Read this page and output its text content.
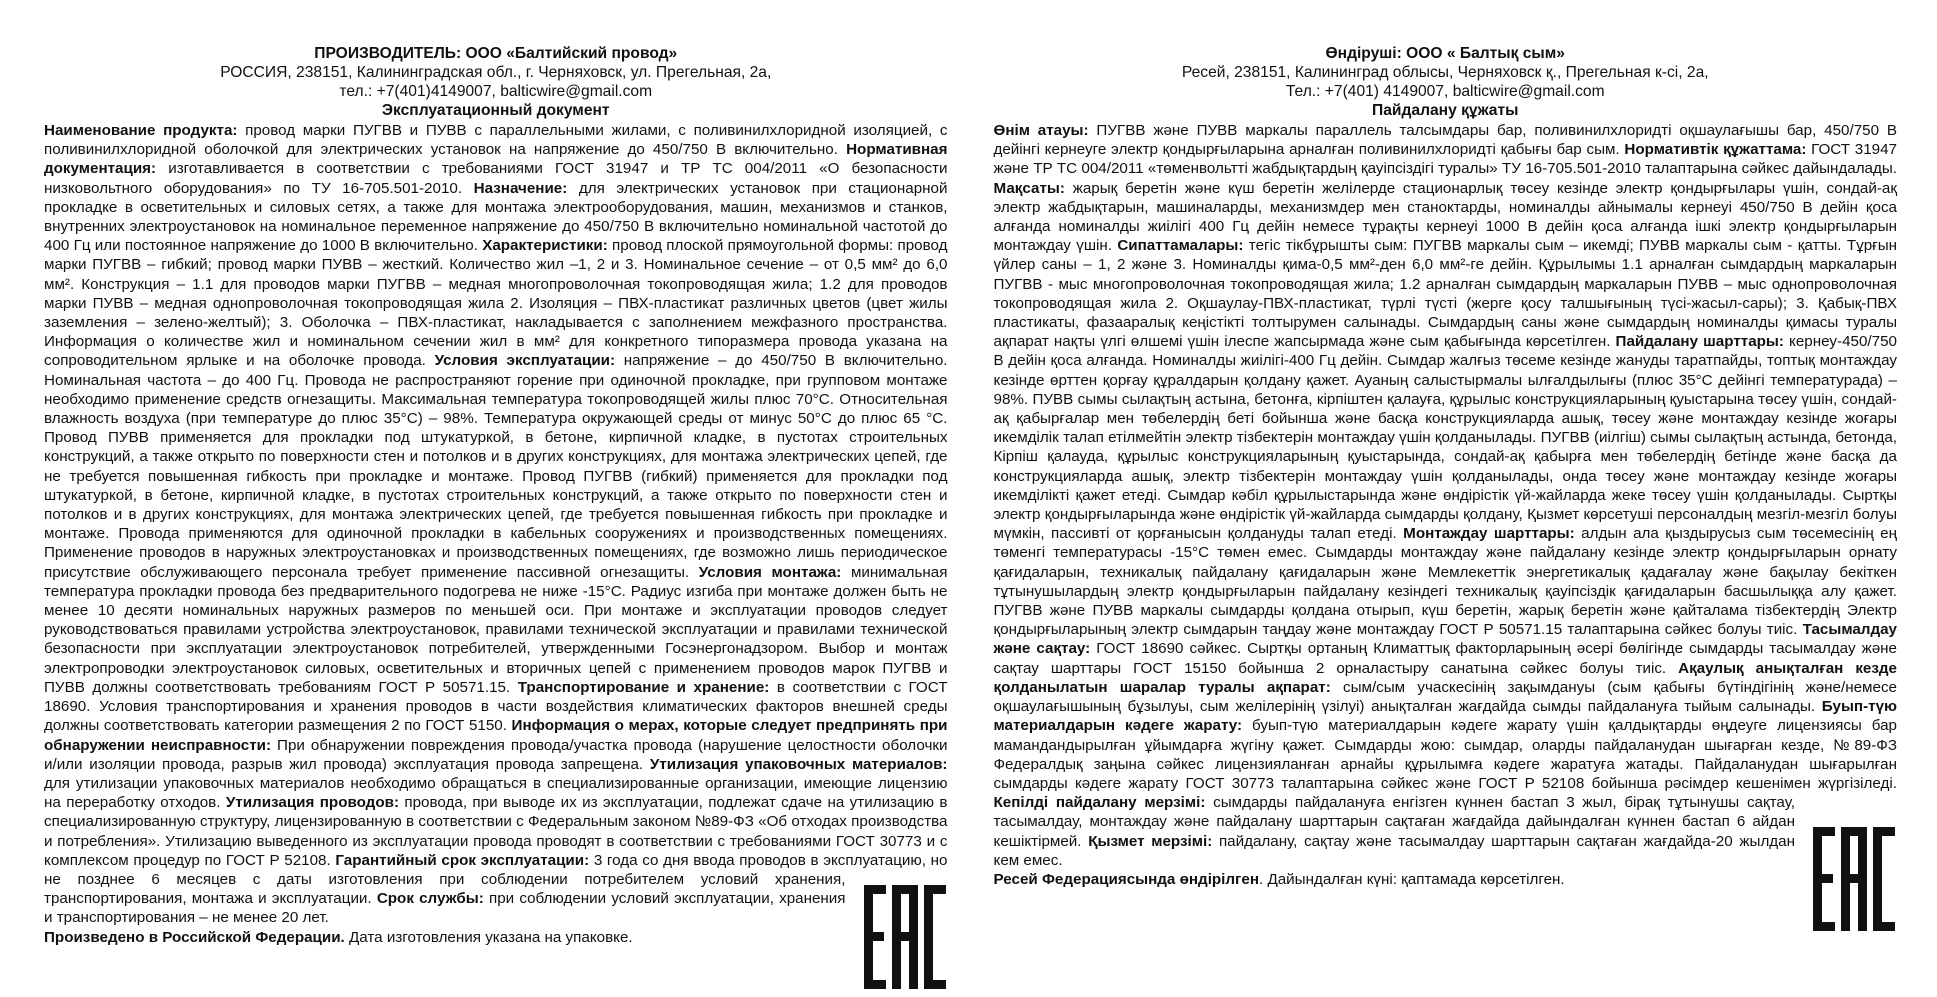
ПРОИЗВОДИТЕЛЬ: ООО «Балтийский провод»
РОССИЯ, 238151, Калининградская обл., г. Черняховск, ул. Прегельная, 2а,
тел.: +7(401)4149007, balticwire@gmail.com
Эксплуатационный документ
Наименование продукта: провод марки ПУГВВ и ПУВВ с параллельными жилами, с поливинилхлоридной изоляцией, с поливинилхлоридной оболочкой для электрических установок на напряжение до 450/750 В включительно. Нормативная документация: изготавливается в соответствии с требованиями ГОСТ 31947 и ТР ТС 004/2011 «О безопасности низковольтного оборудования» по ТУ 16-705.501-2010. Назначение: для электрических установок при стационарной прокладке в осветительных и силовых сетях, а также для монтажа электрооборудования, машин, механизмов и станков, внутренних электроустановок на номинальное переменное напряжение до 450/750 В включительно номинальной частотой до 400 Гц или постоянное напряжение до 1000 В включительно. Характеристики: провод плоской прямоугольной формы: провод марки ПУГВВ – гибкий; провод марки ПУВВ – жесткий. Количество жил –1, 2 и 3. Номинальное сечение – от 0,5 мм² до 6,0 мм². Конструкция – 1.1 для проводов марки ПУГВВ – медная многопроволочная токопроводящая жила; 1.2 для проводов марки ПУВВ – медная однопроволочная токопроводящая жила 2. Изоляция – ПВХ-пластикат различных цветов (цвет жилы заземления – зелено-желтый); 3. Оболочка – ПВХ-пластикат, накладывается с заполнением межфазного пространства. Информация о количестве жил и номинальном сечении жил в мм² для конкретного типоразмера провода указана на сопроводительном ярлыке и на оболочке провода. Условия эксплуатации: напряжение – до 450/750 В включительно. Номинальная частота – до 400 Гц. Провода не распространяют горение при одиночной прокладке, при групповом монтаже необходимо применение средств огнезащиты. Максимальная температура токопроводящей жилы плюс 70°С. Относительная влажность воздуха (при температуре до плюс 35°С) – 98%. Температура окружающей среды от минус 50°С до плюс 65 °С. Провод ПУВВ применяется для прокладки под штукатуркой, в бетоне, кирпичной кладке, в пустотах строительных конструкций, а также открыто по поверхности стен и потолков и в других конструкциях, для монтажа электрических цепей, где не требуется повышенная гибкость при прокладке и монтаже. Провод ПУГВВ (гибкий) применяется для прокладки под штукатуркой, в бетоне, кирпичной кладке, в пустотах строительных конструкций, а также открыто по поверхности стен и потолков и в других конструкциях, для монтажа электрических цепей, где требуется повышенная гибкость при прокладке и монтаже. Провода применяются для одиночной прокладки в кабельных сооружениях и производственных помещениях. Применение проводов в наружных электроустановках и производственных помещениях, где возможно лишь периодическое присутствие обслуживающего персонала требует применение пассивной огнезащиты. Условия монтажа: минимальная температура прокладки провода без предварительного подогрева не ниже -15°С. Радиус изгиба при монтаже должен быть не менее 10 десяти номинальных наружных размеров по меньшей оси. При монтаже и эксплуатации проводов следует руководствоваться правилами устройства электроустановок, правилами технической эксплуатации и правилами технической безопасности при эксплуатации электроустановок потребителей, утвержденными Госэнергонадзором. Выбор и монтаж электропроводки электроустановок силовых, осветительных и вторичных цепей с применением проводов марок ПУГВВ и ПУВВ должны соответствовать требованиям ГОСТ Р 50571.15. Транспортирование и хранение: в соответствии с ГОСТ 18690. Условия транспортирования и хранения проводов в части воздействия климатических факторов внешней среды должны соответствовать категории размещения 2 по ГОСТ 5150. Информация о мерах, которые следует предпринять при обнаружении неисправности: При обнаружении повреждения провода/участка провода (нарушение целостности оболочки и/или изоляции провода, разрыв жил провода) эксплуатация провода запрещена. Утилизация упаковочных материалов: для утилизации упаковочных материалов необходимо обращаться в специализированные организации, имеющие лицензию на переработку отходов. Утилизация проводов: провода, при выводе их из эксплуатации, подлежат сдаче на утилизацию в специализированную структуру, лицензированную в соответствии с Федеральным законом №89-ФЗ «Об отходах производства и потребления». Утилизацию выведенного из эксплуатации провода проводят в соответствии с требованиями ГОСТ 30773 и с комплексом процедур по ГОСТ Р 52108.
Гарантийный срок эксплуатации: 3 года со дня ввода проводов в эксплуатацию, но не позднее 6 месяцев с даты изготовления при соблюдении потребителем условий хранения, транспортирования, монтажа и эксплуатации. Срок службы: при соблюдении условий эксплуатации, хранения и транспортирования – не менее 20 лет.
Произведено в Российской Федерации. Дата изготовления указана на упаковке.
Өндіруші: ООО « Балтық сым»
Ресей, 238151, Калининград облысы, Черняховск қ., Прегельная к-сі, 2а,
Тел.: +7(401) 4149007, balticwire@gmail.com
Пайдалану құжаты
Өнім атауы: ПУГВВ және ПУВВ маркалы параллель талсымдары бар, поливинилхлоридті оқшаулағышы бар, 450/750 В дейінгі кернеуге электр қондырғыларына арналған поливинилхлоридті қабығы бар сым. Нормативтік құжаттама: ГОСТ 31947 және ТР ТС 004/2011 «төменвольтті жабдықтардың қауіпсіздігі туралы» ТУ 16-705.501-2010 талаптарына сәйкес дайындалады. Мақсаты: жарық беретін және күш беретін желілерде стационарлық төсеу кезінде электр қондырғылары үшін, сондай-ақ электр жабдықтарын, машиналарды, механизмдер мен станоктарды, номиналды айнымалы кернеуі 450/750 В дейін қоса алғанда номиналды жиілігі 400 Гц дейін немесе тұрақты кернеуі 1000 В дейін қоса алғанда ішкі электр қондырғыларын монтаждау үшін. Сипаттамалары: тегіс тікбұрышты сым: ПУГВВ маркалы сым – икемді; ПУВВ маркалы сым - қатты. Тұрғын үйлер саны – 1, 2 және 3. Номиналды қима-0,5 мм²-ден 6,0 мм²-ге дейін. Құрылымы 1.1 арналған сымдардың маркаларын ПУГВВ - мыс многопроволочная токопроводящая жила; 1.2 арналған сымдардың маркаларын ПУВВ – мыс однопроволочная токопроводящая жила 2. Оқшаулау-ПВХ-пластикат, түрлі түсті (жерге қосу талшығының түсі-жасыл-сары); 3. Қабық-ПВХ пластикаты, фазааралық кеңістікті толтырумен салынады. Сымдардың саны және сымдардың номиналды қимасы туралы ақпарат нақты үлгі өлшемі үшін ілеспе жапсырмада және сым қабығында көрсетілген. Пайдалану шарттары: кернеу-450/750 В дейін қоса алғанда. Номиналды жиілігі-400 Гц дейін. Сымдар жалғыз төсеме кезінде жануды таратпайды, топтық монтаждау кезінде өрттен қорғау құралдарын қолдану қажет. Ауаның салыстырмалы ылғалдылығы (плюс 35°С дейінгі температурада) – 98%. ПУВВ сымы сылақтың астына, бетонға, кірпіштен қалауға, құрылыс конструкцияларының қуыстарына төсеу үшін, сондай-ақ қабырғалар мен төбелердің беті бойынша және басқа конструкцияларда ашық, төсеу және монтаждау кезінде жоғары икемділік талап етілмейтін электр тізбектерін монтаждау үшін қолданылады. ПУГВВ (иілгіш) сымы сылақтың астында, бетонда, Кірпіш қалауда, құрылыс конструкцияларының қуыстарында, сондай-ақ қабырға мен төбелердің бетінде және басқа да конструкцияларда ашық, электр тізбектерін монтаждау үшін қолданылады, онда төсеу және монтаждау кезінде жоғары икемділікті қажет етеді. Сымдар кәбіл құрылыстарында және өндірістік үй-жайларда жеке төсеу үшін қолданылады. Сыртқы электр қондырғыларында және өндірістік үй-жайларда сымдарды қолдану, Қызмет көрсетуші персоналдың мезгіл-мезгіл болуы мүмкін, пассивті от қорғанысын қолдануды талап етеді. Монтаждау шарттары: алдын ала қыздырусыз сым төсемесінің ең төменгі температурасы -15°С төмен емес. Сымдарды монтаждау және пайдалану кезінде электр қондырғыларын орнату қағидаларын, техникалық пайдалану қағидаларын және Мемлекеттік энергетикалық қадағалау және бақылау бекіткен тұтынушылардың электр қондырғыларын пайдалану кезіндегі техникалық қауіпсіздік қағидаларын басшылыққа алу қажет. ПУГВВ және ПУВВ маркалы сымдарды қолдана отырып, күш беретін, жарық беретін және қайталама тізбектердің Электр қондырғыларының электр сымдарын таңдау және монтаждау ГОСТ Р 50571.15 талаптарына сәйкес болуы тиіс. Тасымалдау және сақтау: ГОСТ 18690 сәйкес. Сыртқы ортаның Климаттық факторларының әсері бөлігінде сымдарды тасымалдау және сақтау шарттары ГОСТ 15150 бойынша 2 орналастыру санатына сәйкес болуы тиіс. Ақаулық анықталған кезде қолданылатын шаралар туралы ақпарат: сым/сым учаскесінің зақымдануы (сым қабығы бүтіндігінің және/немесе оқшаулағышының бұзылуы, сым желілерінің үзілуі) анықталған жағдайда сымды пайдалануға тыйым салынады. Буып-түю материалдарын кәдеге жарату: буып-түю материалдарын кәдеге жарату үшін қалдықтарды өңдеуге лицензиясы бар мамандандырылған ұйымдарға жүгіну қажет. Сымдарды жою: сымдар, оларды пайдаланудан шығарған кезде, №89-ФЗ Федералдық заңына сәйкес лицензияланған арнайы құрылымға кәдеге жаратуға жатады. Пайдаланудан шығарылған сымдарды кәдеге жарату ГОСТ 30773 талаптарына сәйкес және ГОСТ Р 52108 бойынша рәсімдер кешенімен жүргізіледі.
Кепілді пайдалану мерзімі: сымдарды пайдалануға енгізген күннен бастап 3 жыл, бірақ тұтынушы сақтау, тасымалдау, монтаждау және пайдалану шарттарын сақтаған жағдайда дайындалған күннен бастап 6 айдан кешіктірмей. Қызмет мерзімі: пайдалану, сақтау және тасымалдау шарттарын сақтаған жағдайда-20 жылдан кем емес.
Ресей Федерациясында өндірілген. Дайындалған күні: қаптамада көрсетілген.
